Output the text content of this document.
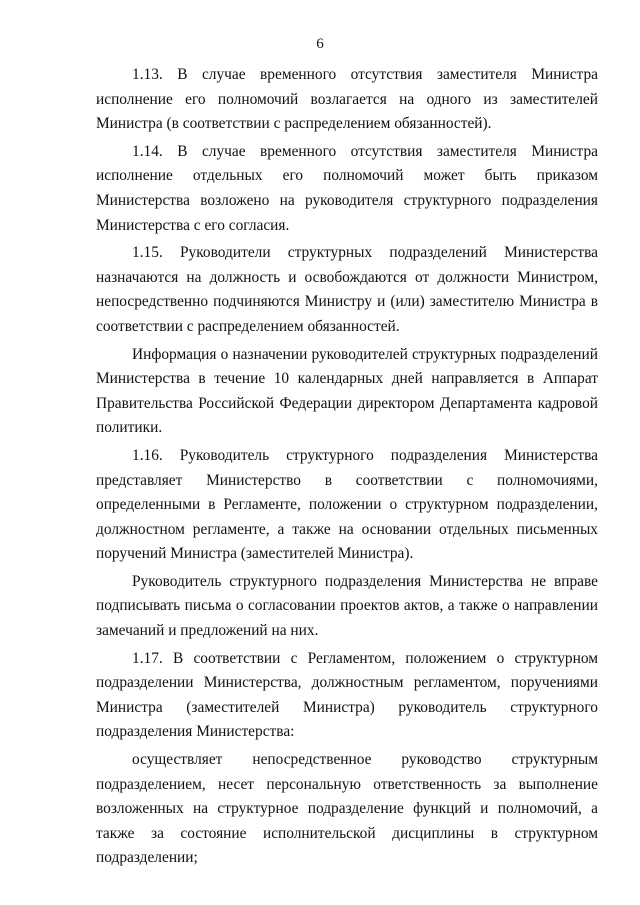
6

1.13. В случае временного отсутствия заместителя Министра исполнение его полномочий возлагается на одного из заместителей Министра (в соответствии с распределением обязанностей).

1.14. В случае временного отсутствия заместителя Министра исполнение отдельных его полномочий может быть приказом Министерства возложено на руководителя структурного подразделения Министерства с его согласия.

1.15. Руководители структурных подразделений Министерства назначаются на должность и освобождаются от должности Министром, непосредственно подчиняются Министру и (или) заместителю Министра в соответствии с распределением обязанностей.

Информация о назначении руководителей структурных подразделений Министерства в течение 10 календарных дней направляется в Аппарат Правительства Российской Федерации директором Департамента кадровой политики.

1.16. Руководитель структурного подразделения Министерства представляет Министерство в соответствии с полномочиями, определенными в Регламенте, положении о структурном подразделении, должностном регламенте, а также на основании отдельных письменных поручений Министра (заместителей Министра).

Руководитель структурного подразделения Министерства не вправе подписывать письма о согласовании проектов актов, а также о направлении замечаний и предложений на них.

1.17. В соответствии с Регламентом, положением о структурном подразделении Министерства, должностным регламентом, поручениями Министра (заместителей Министра) руководитель структурного подразделения Министерства:

осуществляет непосредственное руководство структурным подразделением, несет персональную ответственность за выполнение возложенных на структурное подразделение функций и полномочий, а также за состояние исполнительской дисциплины в структурном подразделении;
